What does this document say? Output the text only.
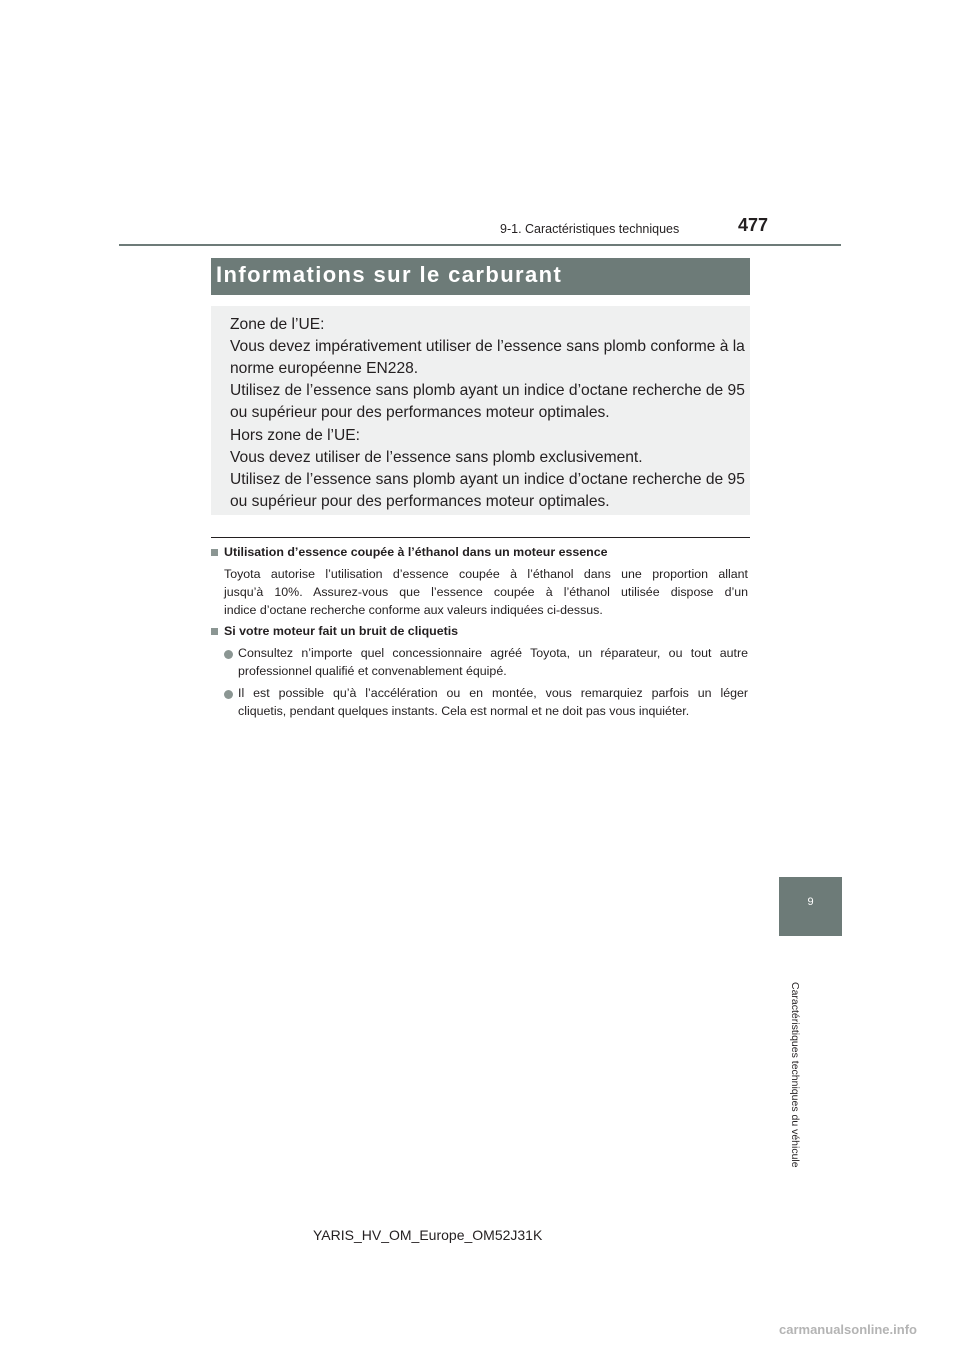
9-1. Caractéristiques techniques	477
Informations sur le carburant
Zone de l’UE:
Vous devez impérativement utiliser de l’essence sans plomb conforme à la
norme européenne EN228.
Utilisez de l’essence sans plomb ayant un indice d’octane recherche de 95
ou supérieur pour des performances moteur optimales.
Hors zone de l’UE:
Vous devez utiliser de l’essence sans plomb exclusivement.
Utilisez de l’essence sans plomb ayant un indice d’octane recherche de 95
ou supérieur pour des performances moteur optimales.
Utilisation d’essence coupée à l’éthanol dans un moteur essence
Toyota autorise l’utilisation d’essence coupée à l’éthanol dans une proportion allant
jusqu’à 10%. Assurez-vous que l’essence coupée à l’éthanol utilisée dispose d’un
indice d’octane recherche conforme aux valeurs indiquées ci-dessus.
Si votre moteur fait un bruit de cliquetis
Consultez n’importe quel concessionnaire agréé Toyota, un réparateur, ou tout autre
professionnel qualifié et convenablement équipé.
Il est possible qu’à l’accélération ou en montée, vous remarquiez parfois un léger
cliquetis, pendant quelques instants. Cela est normal et ne doit pas vous inquiéter.
9
Caractéristiques techniques du véhicule
YARIS_HV_OM_Europe_OM52J31K
carmanualsonline.info
